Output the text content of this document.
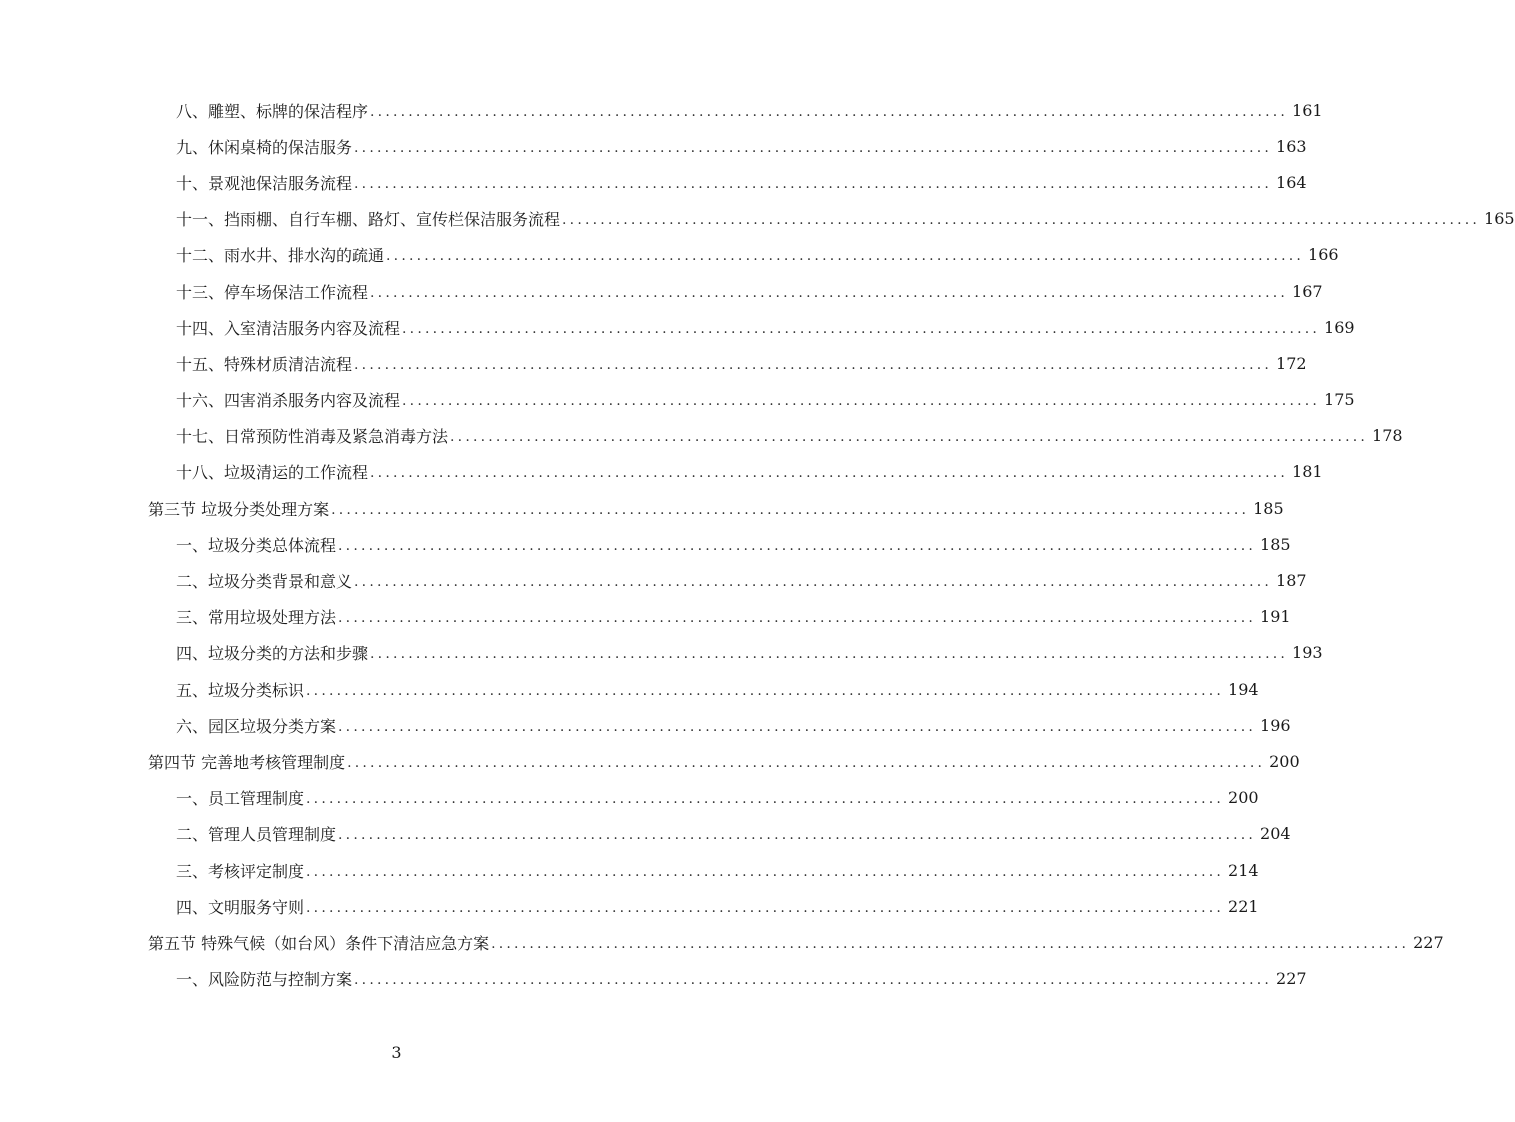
八、雕塑、标牌的保洁程序 ........................................................................................................................ 161
九、休闲桌椅的保洁服务 ........................................................................................................................ 163
十、景观池保洁服务流程 ........................................................................................................................ 164
十一、挡雨棚、自行车棚、路灯、宣传栏保洁服务流程 ........................................................................................................................ 165
十二、雨水井、排水沟的疏通 ........................................................................................................................ 166
十三、停车场保洁工作流程 ........................................................................................................................ 167
十四、入室清洁服务内容及流程 ........................................................................................................................ 169
十五、特殊材质清洁流程 ........................................................................................................................ 172
十六、四害消杀服务内容及流程 ........................................................................................................................ 175
十七、日常预防性消毒及紧急消毒方法 ........................................................................................................................ 178
十八、垃圾清运的工作流程 ........................................................................................................................ 181
第三节 垃圾分类处理方案 ........................................................................................................................ 185
一、垃圾分类总体流程 ........................................................................................................................ 185
二、垃圾分类背景和意义 ........................................................................................................................ 187
三、常用垃圾处理方法 ........................................................................................................................ 191
四、垃圾分类的方法和步骤 ........................................................................................................................ 193
五、垃圾分类标识 ........................................................................................................................ 194
六、园区垃圾分类方案 ........................................................................................................................ 196
第四节 完善地考核管理制度 ........................................................................................................................ 200
一、员工管理制度 ........................................................................................................................ 200
二、管理人员管理制度 ........................................................................................................................ 204
三、考核评定制度 ........................................................................................................................ 214
四、文明服务守则 ........................................................................................................................ 221
第五节 特殊气候（如台风）条件下清洁应急方案 ........................................................................................................................ 227
一、风险防范与控制方案 ........................................................................................................................ 227
3
